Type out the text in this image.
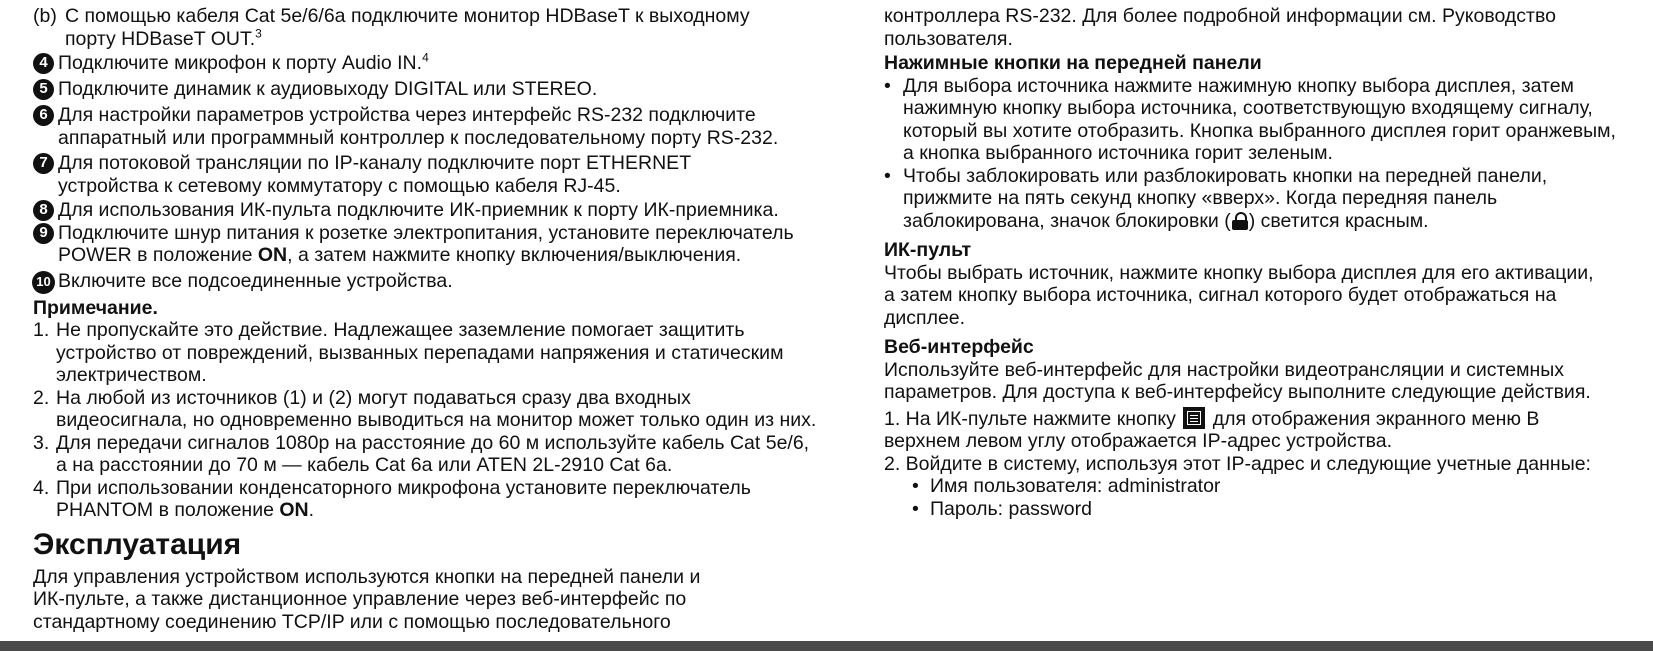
(b) С помощью кабеля Cat 5e/6/6a подключите монитор HDBaseT к выходному

порту HDBaseT OUT.$^3$

4 Подключите микрофон к порту Audio IN.$^4$

5 Подключите динамик к аудиовыходу DIGITAL или STEREO.

6 Для настройки параметров устройства через интерфейс RS-232 подключите

аппаратный или программный контроллер к последовательному порту RS-232.

7 Для потоковой трансляции по IP-каналу подключите порт ETHERNET

устройства к сетевому коммутатору с помощью кабеля RJ-45.

8 Для использования ИК-пульта подключите ИК-приемник к порту ИК-приемника.

9 Подключите шнур питания к розетке электропитания, установите переключатель

POWER в положение ON, а затем нажмите кнопку включения/выключения.

10 Включите все подсоединенные устройства.

Примечание.

1. Не пропускайте это действие. Надлежащее заземление помогает защитить

устройство от повреждений, вызванных перепадами напряжения и статическим

электричеством.

2. На любой из источников (1) и (2) могут подаваться сразу два входных

видеосигнала, но одновременно выводиться на монитор может только один из них.

3. Для передачи сигналов 1080p на расстояние до 60 м используйте кабель Cat 5e/6,

а на расстоянии до 70 м — кабель Cat 6a или ATEN 2L-2910 Cat 6a.

4. При использовании конденсаторного микрофона установите переключатель

PHANTOM в положение ON.

Эксплуатация

Для управления устройством используются кнопки на передней панели и

ИК-пульте, а также дистанционное управление через веб-интерфейс по

стандартному соединению TCP/IP или с помощью последовательного

контроллера RS-232. Для более подробной информации см. Руководство

пользователя.

Нажимные кнопки на передней панели

• Для выбора источника нажмите нажимную кнопку выбора дисплея, затем

нажимную кнопку выбора источника, соответствующую входящему сигналу,

который вы хотите отобразить. Кнопка выбранного дисплея горит оранжевым,

а кнопка выбранного источника горит зеленым.

• Чтобы заблокировать или разблокировать кнопки на передней панели,

прижмите на пять секунд кнопку «вверх». Когда передняя панель

заблокирована, значок блокировки ( ) светится красным.

ИК-пульт

Чтобы выбрать источник, нажмите кнопку выбора дисплея для его активации,

а затем кнопку выбора источника, сигнал которого будет отображаться на

дисплее.

Веб-интерфейс

Используйте веб-интерфейс для настройки видеотрансляции и системных

параметров. Для доступа к веб-интерфейсу выполните следующие действия.

1. На ИК-пульте нажмите кнопку
для отображения экранного меню В

верхнем левом углу отображается IP-адрес устройства.

2. Войдите в систему, используя этот IP-адрес и следующие учетные данные:

• Имя пользователя: administrator

• Пароль: password
